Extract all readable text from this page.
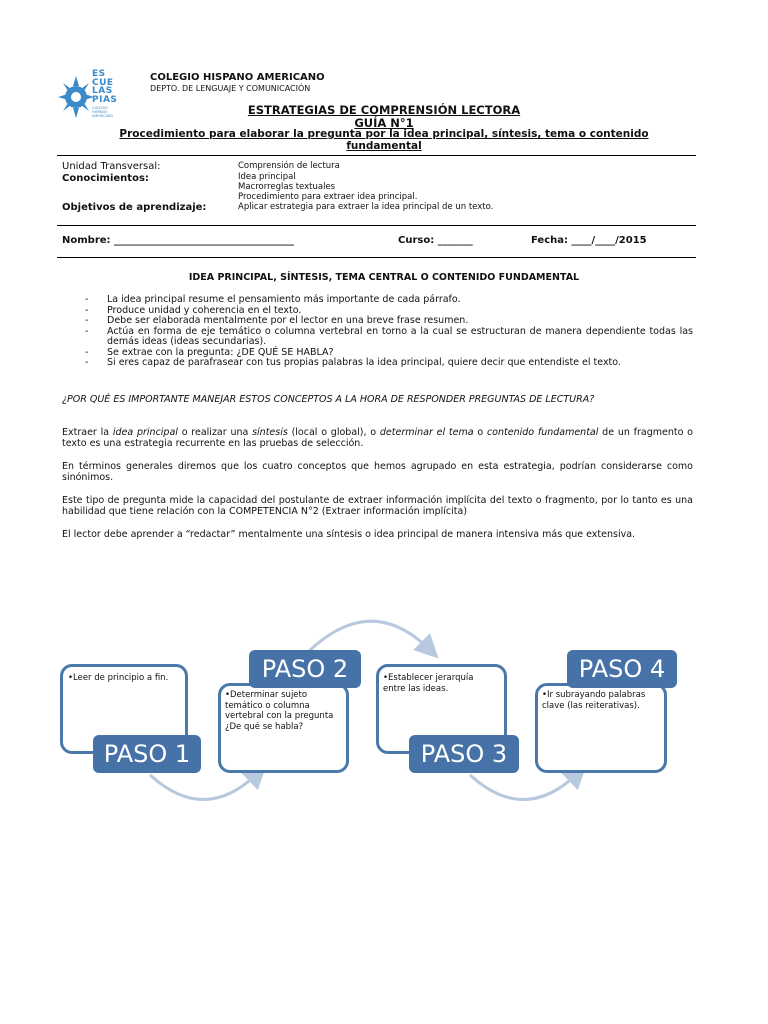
ES
CUE
LAS
PIAS
COLEGIO HISPANO AMERICANO
COLEGIO HISPANO AMERICANO
DEPTO. DE LENGUAJE Y COMUNICACIÓN
ESTRATEGIAS DE COMPRENSIÓN LECTORA
GUÍA N°1
Procedimiento para elaborar la pregunta por la idea principal, síntesis, tema o contenido fundamental
Unidad Transversal:	Comprensión de lectura
Conocimientos:	Idea principal
Macrorreglas textuales
Procedimiento para extraer idea principal.
Objetivos de aprendizaje:	Aplicar estrategia para extraer la idea principal de un texto.
Nombre: ____________________________________	Curso: _______	Fecha: ____/____/2015
IDEA PRINCIPAL, SÍNTESIS, TEMA CENTRAL O CONTENIDO FUNDAMENTAL
- La idea principal resume el pensamiento más importante de cada párrafo.
- Produce unidad y coherencia en el texto.
- Debe ser elaborada mentalmente por el lector en una breve frase resumen.
- Actúa en forma de eje temático o columna vertebral en torno a la cual se estructuran de manera dependiente todas las demás ideas (ideas secundarias).
- Se extrae con la pregunta: ¿DE QUÉ SE HABLA?
- Si eres capaz de parafrasear con tus propias palabras la idea principal, quiere decir que entendiste el texto.
¿POR QUÉ ES IMPORTANTE MANEJAR ESTOS CONCEPTOS A LA HORA DE RESPONDER PREGUNTAS DE LECTURA?
Extraer la idea principal o realizar una síntesis (local o global), o determinar el tema o contenido fundamental de un fragmento o texto es una estrategia recurrente en las pruebas de selección.
En términos generales diremos que los cuatro conceptos que hemos agrupado en esta estrategia, podrían considerarse como sinónimos.
Este tipo de pregunta mide la capacidad del postulante de extraer información implícita del texto o fragmento, por lo tanto es una habilidad que tiene relación con la COMPETENCIA N°2 (Extraer información implícita)
El lector debe aprender a “redactar” mentalmente una síntesis o idea principal de manera intensiva más que extensiva.
•Leer de principio a fin.
PASO 1
•Determinar sujeto temático o columna vertebral con la pregunta ¿De qué se habla?
PASO 2	•Establecer jerarquía entre las ideas.
PASO 3
•Ir subrayando palabras clave (las reiterativas).
PASO 4
